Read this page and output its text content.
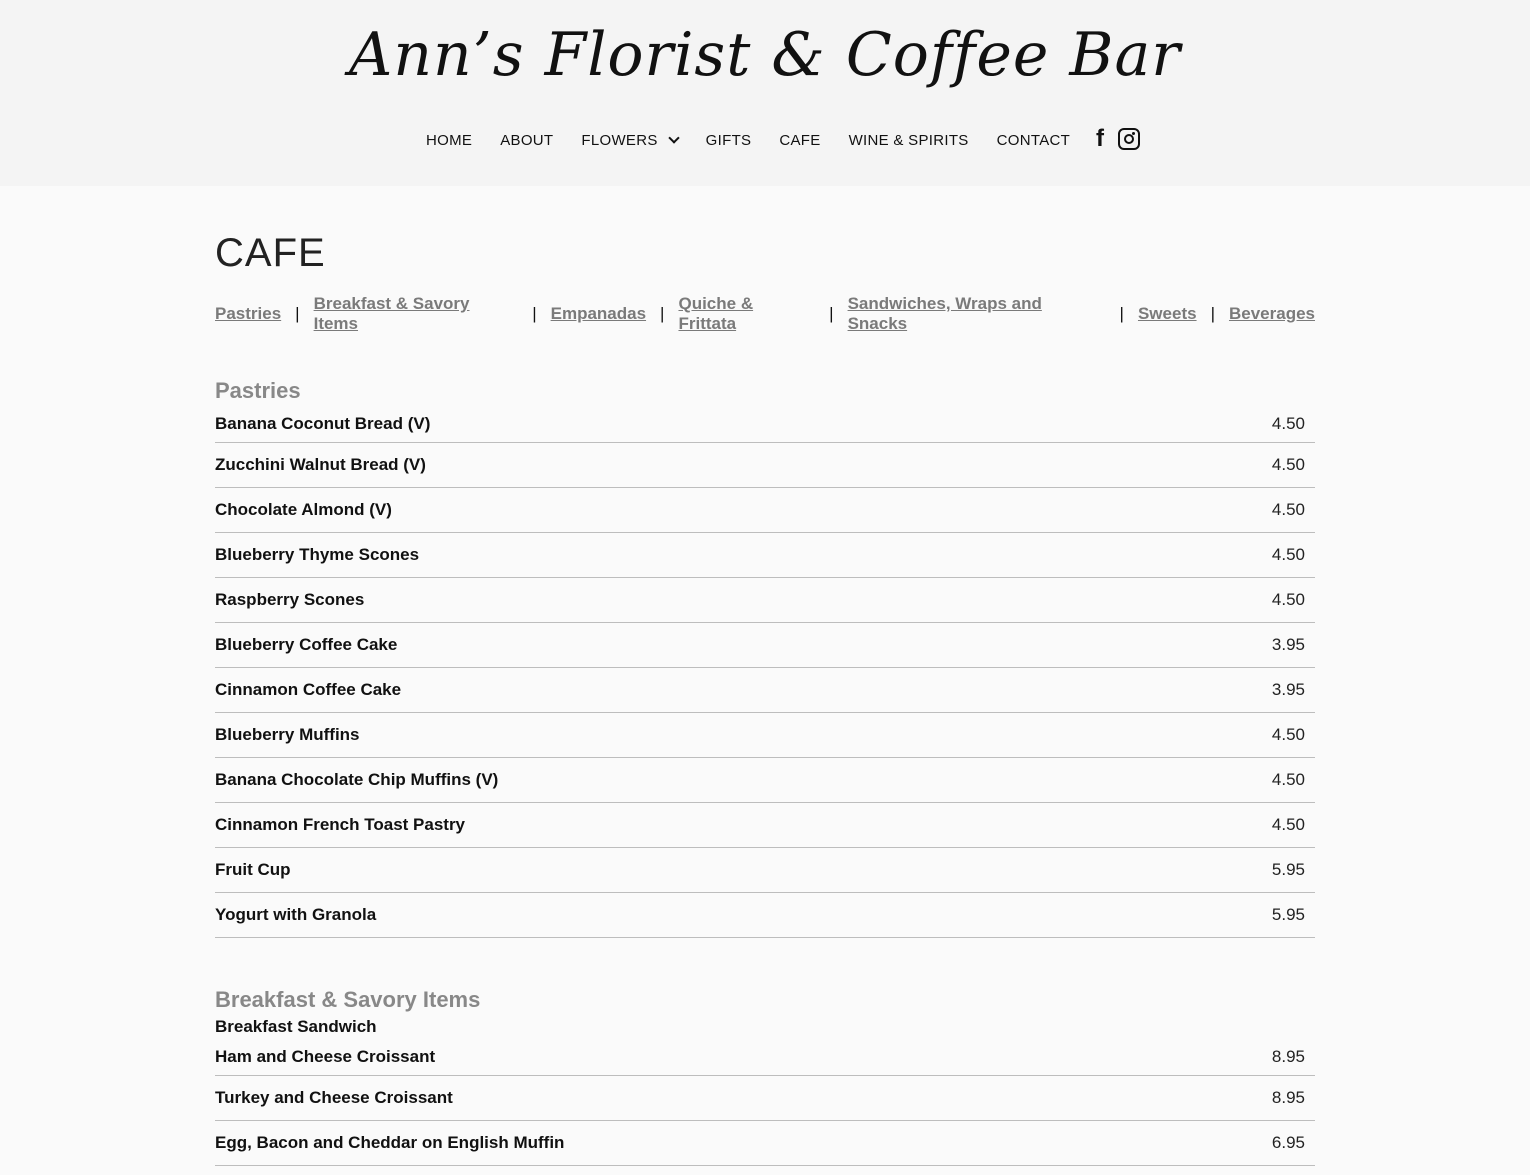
Ann’s Florist & Coffee Bar
HOME ABOUT FLOWERS	GIFTS CAFE WINE & SPIRITS CONTACT f
CAFE
Pastries |
Breakfast & Savory Items
| Empanadas |
Quiche & Frittata
|
Sandwiches, Wraps and Snacks
| Sweets | Beverages
Pastries
Banana Coconut Bread (V)	4.50
Zucchini Walnut Bread (V)	4.50
Chocolate Almond (V)	4.50
Blueberry Thyme Scones	4.50
Raspberry Scones	4.50
Blueberry Coffee Cake	3.95
Cinnamon Coffee Cake	3.95
Blueberry Muffins	4.50
Banana Chocolate Chip Muffins (V)	4.50
Cinnamon French Toast Pastry	4.50
Fruit Cup	5.95
Yogurt with Granola	5.95
Breakfast & Savory Items
Breakfast Sandwich
Ham and Cheese Croissant	8.95
Turkey and Cheese Croissant	8.95
Egg, Bacon and Cheddar on English Muffin	6.95
